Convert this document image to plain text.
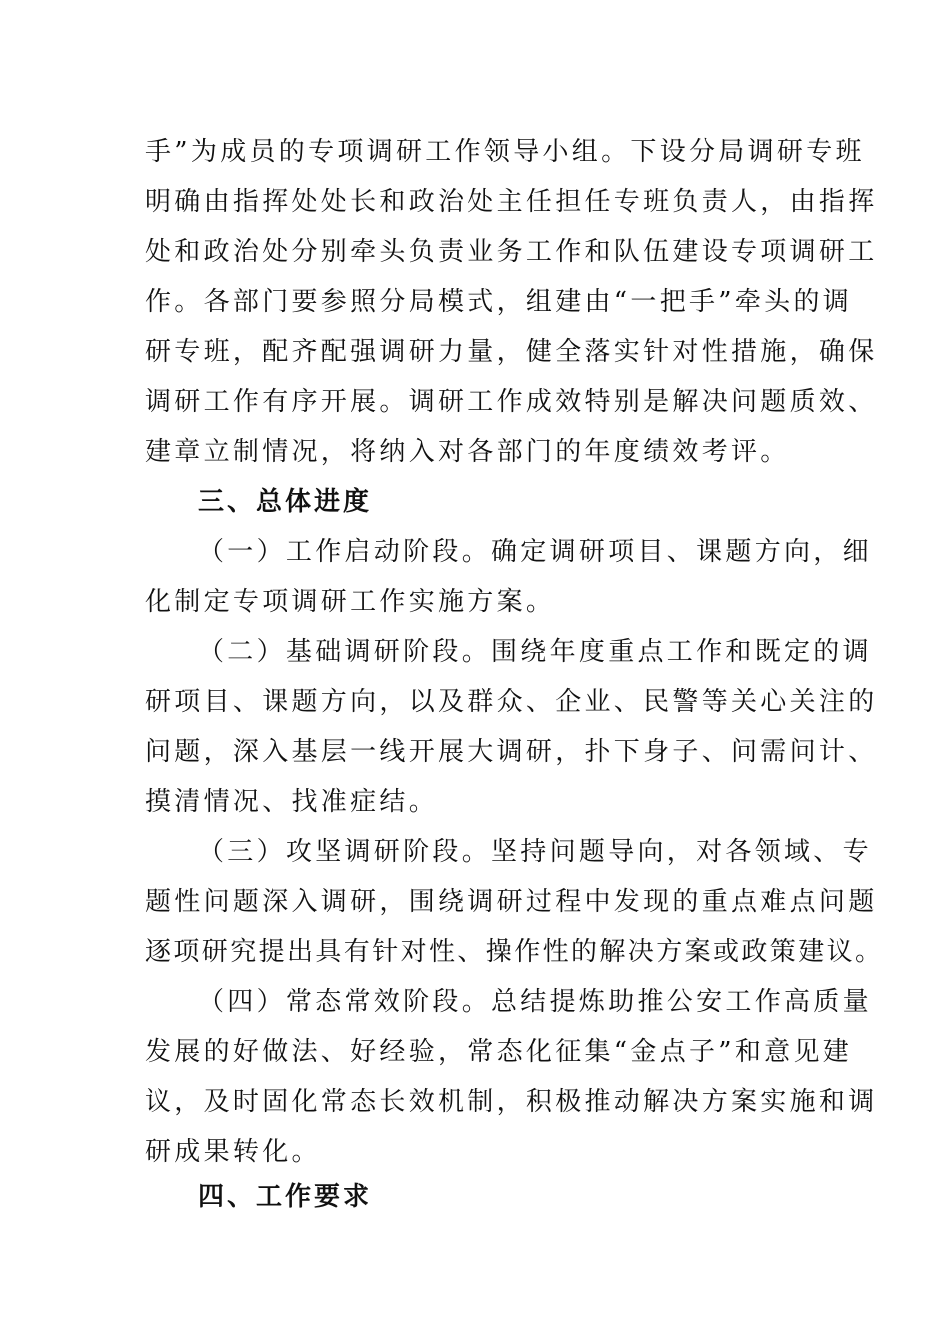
手”为成员的专项调研工作领导小组。下设分局调研专班
明确由指挥处处长和政治处主任担任专班负责人，由指挥
处和政治处分别牵头负责业务工作和队伍建设专项调研工
作。各部门要参照分局模式，组建由“一把手”牵头的调
研专班，配齐配强调研力量，健全落实针对性措施，确保
调研工作有序开展。调研工作成效特别是解决问题质效、
建章立制情况，将纳入对各部门的年度绩效考评。
三、总体进度
（一）工作启动阶段。确定调研项目、课题方向，细
化制定专项调研工作实施方案。
（二）基础调研阶段。围绕年度重点工作和既定的调
研项目、课题方向，以及群众、企业、民警等关心关注的
问题，深入基层一线开展大调研，扑下身子、问需问计、
摸清情况、找准症结。
（三）攻坚调研阶段。坚持问题导向，对各领域、专
题性问题深入调研，围绕调研过程中发现的重点难点问题
逐项研究提出具有针对性、操作性的解决方案或政策建议。
（四）常态常效阶段。总结提炼助推公安工作高质量
发展的好做法、好经验，常态化征集“金点子”和意见建
议，及时固化常态长效机制，积极推动解决方案实施和调
研成果转化。
四、工作要求
